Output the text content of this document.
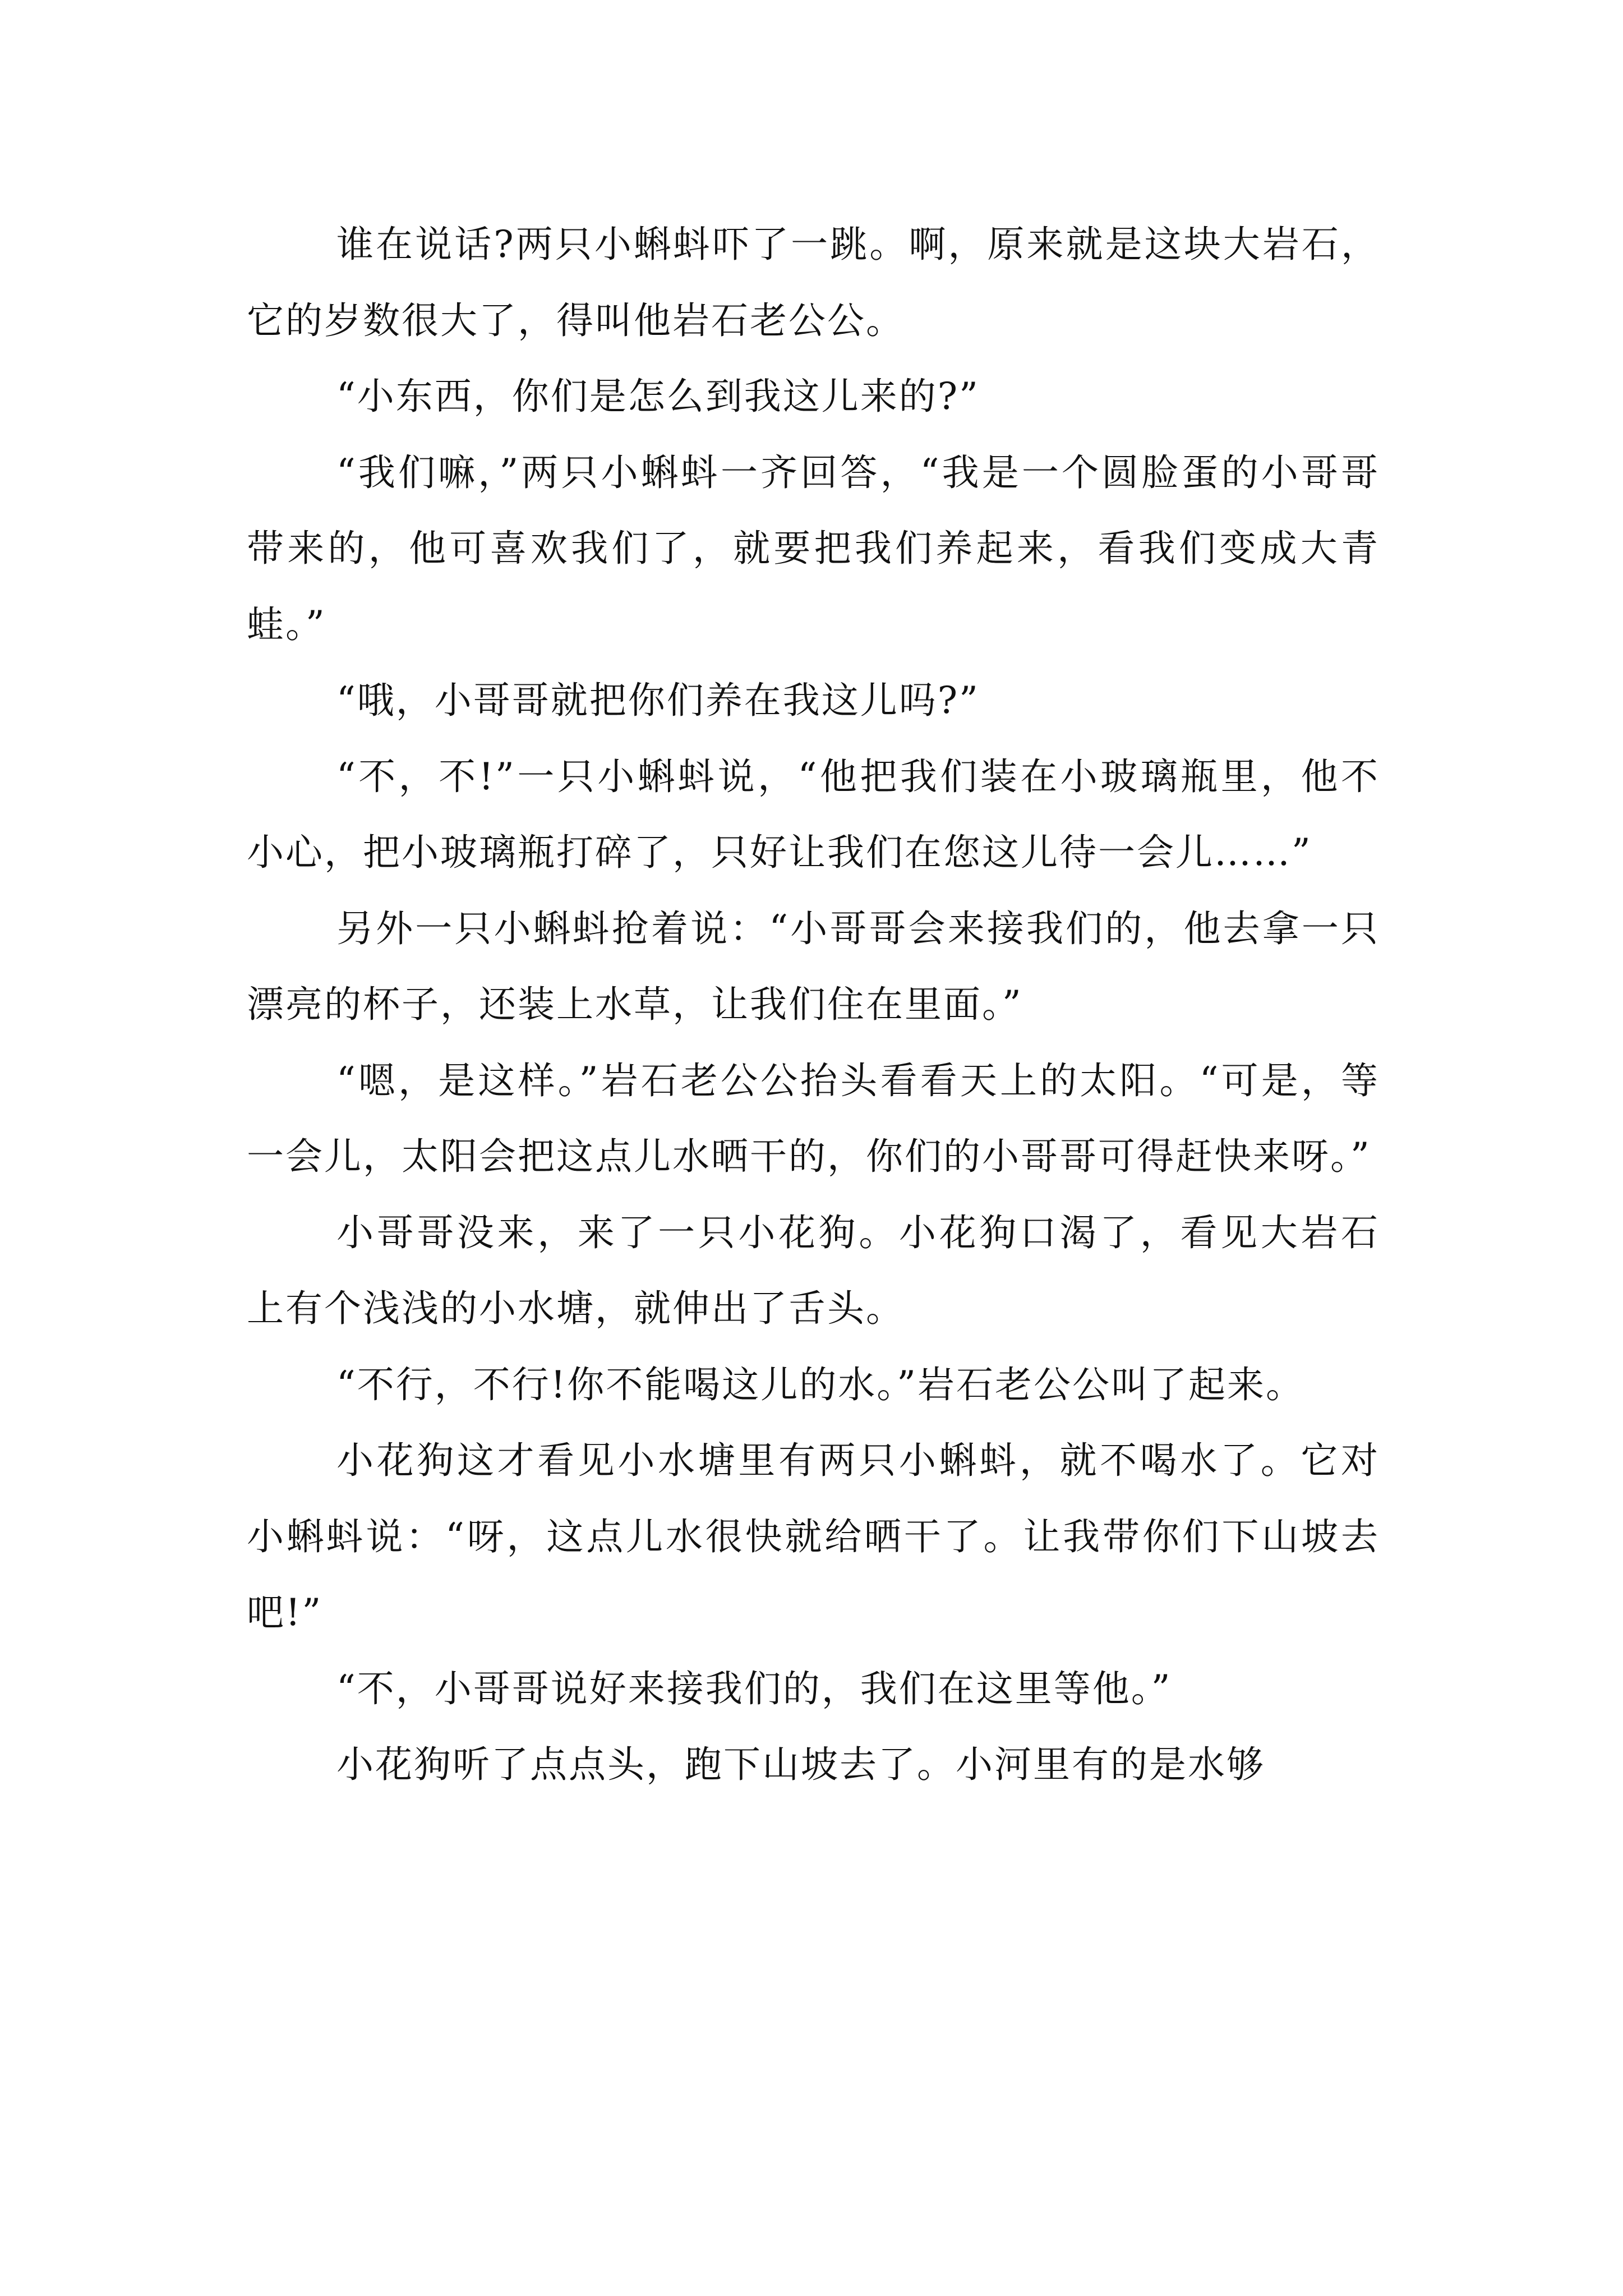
谁在说话?两只小蝌蚪吓了一跳。啊，原来就是这块大岩石，它的岁数很大了，得叫他岩石老公公。

“小东西，你们是怎么到我这儿来的?”

“我们嘛，”两只小蝌蚪一齐回答，“我是一个圆脸蛋的小哥哥带来的，他可喜欢我们了，就要把我们养起来，看我们变成大青蛙。”

“哦，小哥哥就把你们养在我这儿吗?”

“不，不!”一只小蝌蚪说，“他把我们装在小玻璃瓶里，他不小心，把小玻璃瓶打碎了，只好让我们在您这儿待一会儿……”

另外一只小蝌蚪抢着说：“小哥哥会来接我们的，他去拿一只漂亮的杯子，还装上水草，让我们住在里面。”

“嗯，是这样。”岩石老公公抬头看看天上的太阳。“可是，等一会儿，太阳会把这点儿水晒干的，你们的小哥哥可得赶快来呀。”

小哥哥没来，来了一只小花狗。小花狗口渴了，看见大岩石上有个浅浅的小水塘，就伸出了舌头。

“不行，不行!你不能喝这儿的水。”岩石老公公叫了起来。

小花狗这才看见小水塘里有两只小蝌蚪，就不喝水了。它对小蝌蚪说：“呀，这点儿水很快就给晒干了。让我带你们下山坡去吧!”

“不，小哥哥说好来接我们的，我们在这里等他。”

小花狗听了点点头，跑下山坡去了。小河里有的是水够
